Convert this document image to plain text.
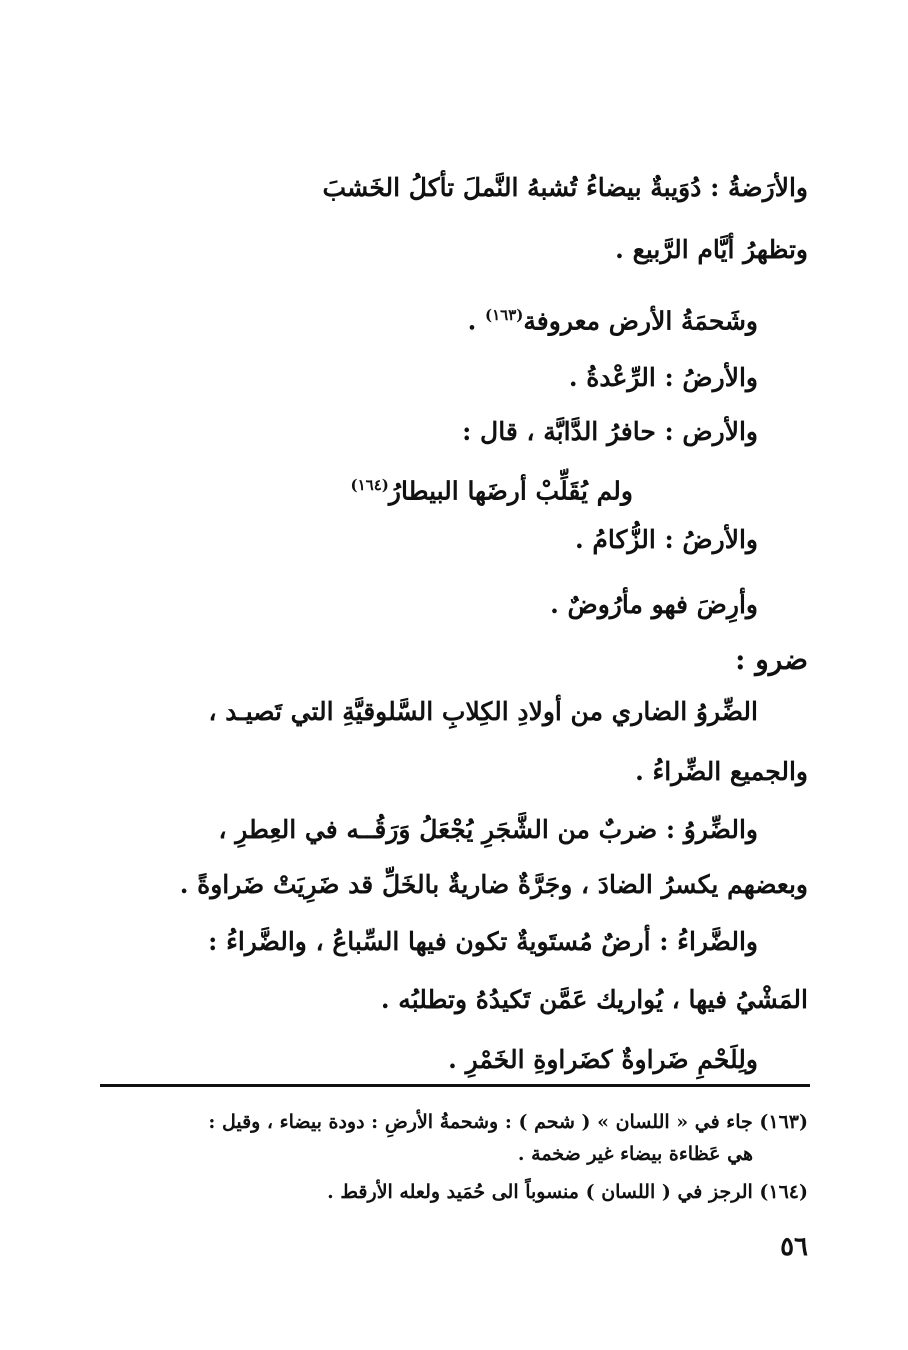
والأرَضةُ : دُوَيبةٌ بيضاءُ تُشبهُ النَّملَ تأكلُ الخَشبَ
وتظهرُ أيَّام الرَّبيع .
وشَحمَةُ الأرض معروفة$^{(١٦٣)}$ .
والأرضُ : الرِّعْدةُ .
والأرض : حافرُ الدَّابَّة ، قال :
ولم يُقَلِّبْ أرضَها البيطارُ$^{(١٦٤)}$
والأرضُ : الزُّكامُ .
وأرِضَ فهو مأرُوضٌ .
ضرو :
الضِّروُ الضاري من أولادِ الكِلابِ السَّلوقيَّةِ التي تَصيـد ،
والجميع الضِّراءُ .
والضِّروُ : ضربٌ من الشَّجَرِ يُجْعَلُ وَرَقُــه في العِطرِ ،
وبعضهم يكسرُ الضادَ ، وجَرَّةٌ ضاريةٌ بالخَلِّ قد ضَرِيَتْ ضَراوةً .
والضَّراءُ : أرضٌ مُستَويةٌ تكون فيها السِّباعُ ، والضَّراءُ :
المَشْيُ فيها ، يُواريك عَمَّن تَكيدُهُ وتطلبُه .
ولِلَحْمِ ضَراوةٌ كضَراوةِ الخَمْرِ .
(١٦٣) جاء في « اللسان » ( شحم ) : وشحمةُ الأرضِ : دودة بيضاء ، وقيل :
هي عَظاءة بيضاء غير ضخمة .
(١٦٤) الرجز في ( اللسان ) منسوباً الى حُمَيد ولعله الأرقط .
٥٦
